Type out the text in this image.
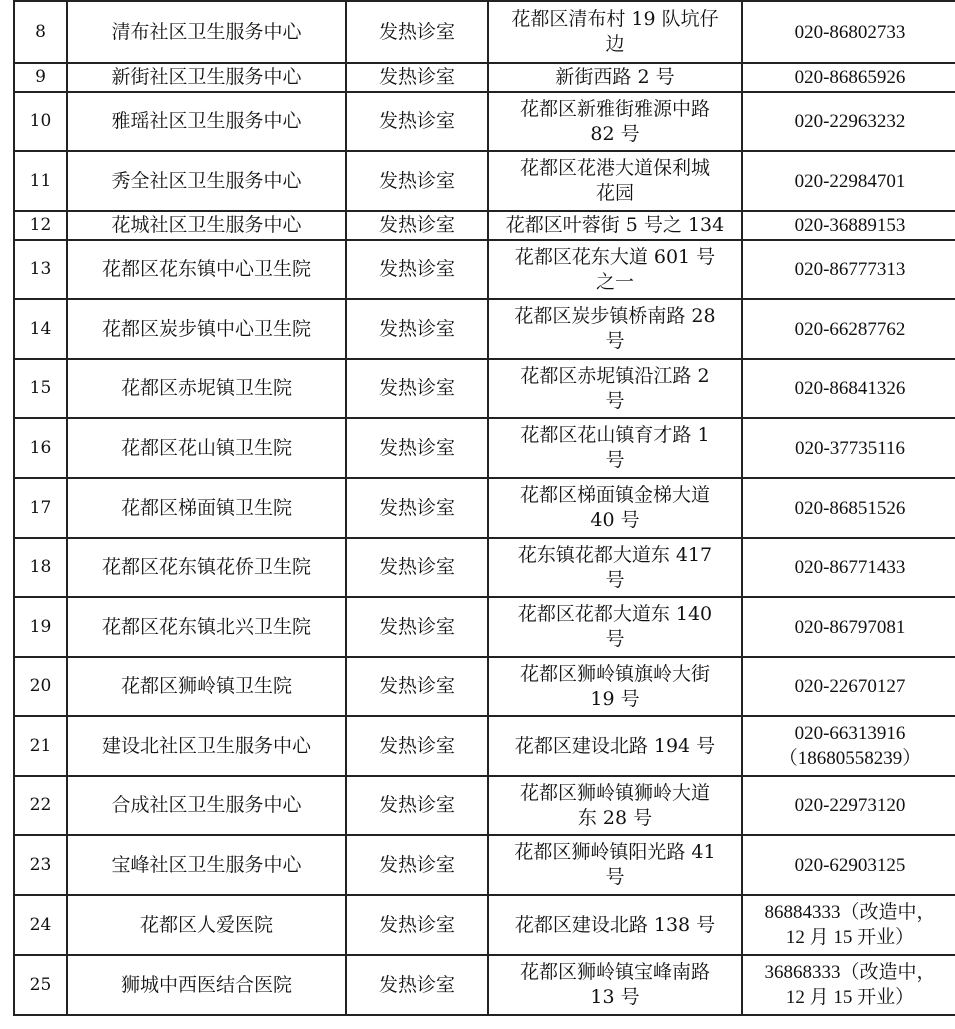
8	清布社区卫生服务中心	发热诊室	花都区清布村 19 队坑仔
边	020-86802733
9	新街社区卫生服务中心	发热诊室	新街西路 2 号	020-86865926
10	雅瑶社区卫生服务中心	发热诊室	花都区新雅街雅源中路
82 号	020-22963232
11	秀全社区卫生服务中心	发热诊室	花都区花港大道保利城
花园	020-22984701
12	花城社区卫生服务中心	发热诊室	花都区叶蓉街 5 号之 134	020-36889153
13	花都区花东镇中心卫生院	发热诊室	花都区花东大道 601 号
之一	020-86777313
14	花都区炭步镇中心卫生院	发热诊室	花都区炭步镇桥南路 28
号	020-66287762
15	花都区赤坭镇卫生院	发热诊室	花都区赤坭镇沿江路 2
号	020-86841326
16	花都区花山镇卫生院	发热诊室	花都区花山镇育才路 1
号	020-37735116
17	花都区梯面镇卫生院	发热诊室	花都区梯面镇金梯大道
40 号	020-86851526
18	花都区花东镇花侨卫生院	发热诊室	花东镇花都大道东 417
号	020-86771433
19	花都区花东镇北兴卫生院	发热诊室	花都区花都大道东 140
号	020-86797081
20	花都区狮岭镇卫生院	发热诊室	花都区狮岭镇旗岭大街
19 号	020-22670127
21	建设北社区卫生服务中心	发热诊室	花都区建设北路 194 号	020-66313916
（18680558239）
22	合成社区卫生服务中心	发热诊室	花都区狮岭镇狮岭大道
东 28 号	020-22973120
23	宝峰社区卫生服务中心	发热诊室	花都区狮岭镇阳光路 41
号	020-62903125
24	花都区人爱医院	发热诊室	花都区建设北路 138 号	86884333（改造中，
12 月 15 开业）
25	狮城中西医结合医院	发热诊室	花都区狮岭镇宝峰南路
13 号	36868333（改造中，
12 月 15 开业）
